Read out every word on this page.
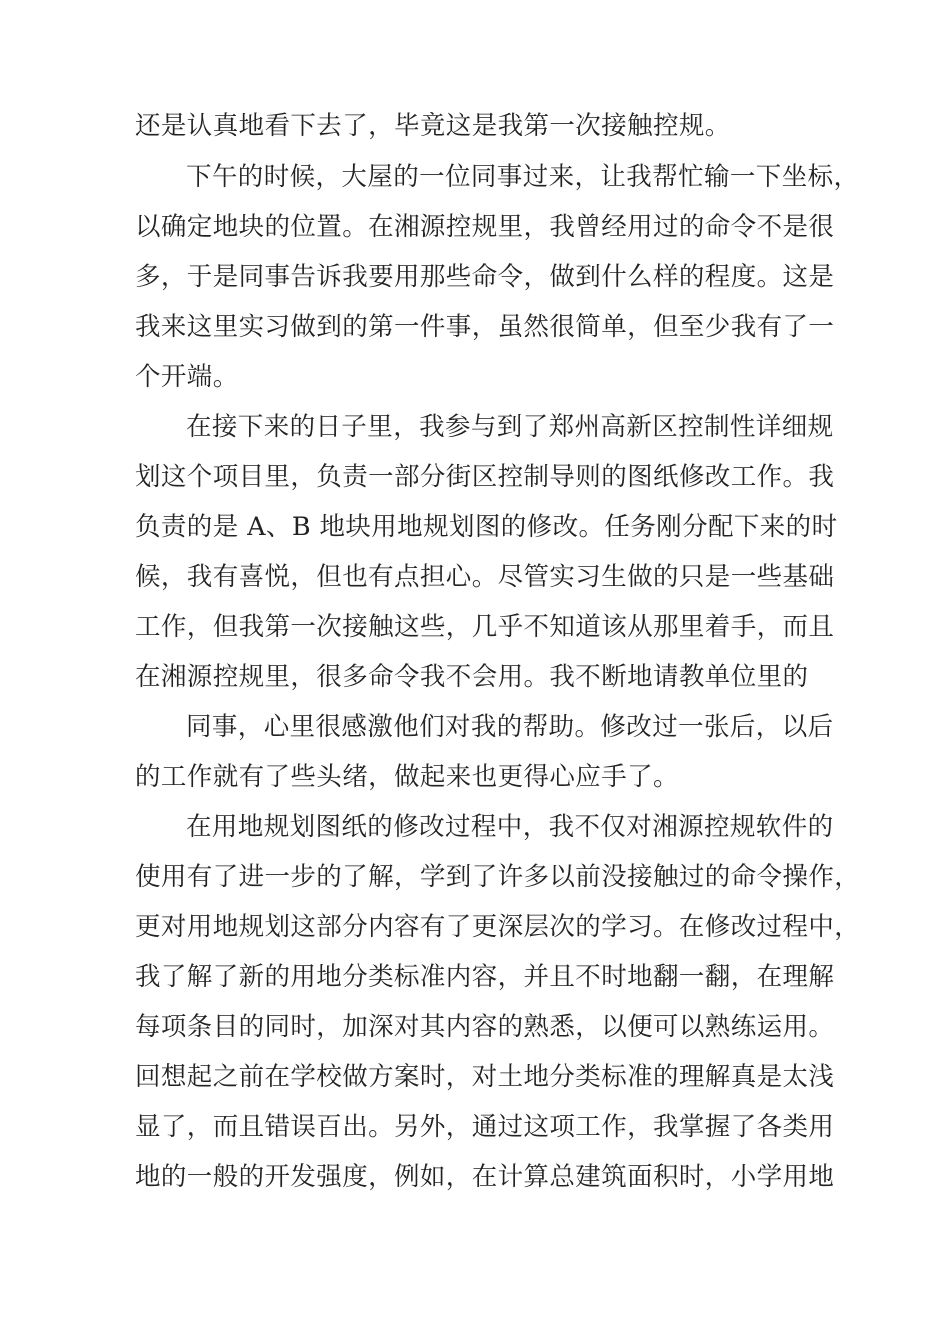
还是认真地看下去了，毕竟这是我第一次接触控规。
下午的时候，大屋的一位同事过来，让我帮忙输一下坐标，
以确定地块的位置。在湘源控规里，我曾经用过的命令不是很
多，于是同事告诉我要用那些命令，做到什么样的程度。这是
我来这里实习做到的第一件事，虽然很简单，但至少我有了一
个开端。
在接下来的日子里，我参与到了郑州高新区控制性详细规
划这个项目里，负责一部分街区控制导则的图纸修改工作。我
负责的是 A、B 地块用地规划图的修改。任务刚分配下来的时
候，我有喜悦，但也有点担心。尽管实习生做的只是一些基础
工作，但我第一次接触这些，几乎不知道该从那里着手，而且
在湘源控规里，很多命令我不会用。我不断地请教单位里的
同事，心里很感激他们对我的帮助。修改过一张后，以后
的工作就有了些头绪，做起来也更得心应手了。
在用地规划图纸的修改过程中，我不仅对湘源控规软件的
使用有了进一步的了解，学到了许多以前没接触过的命令操作，
更对用地规划这部分内容有了更深层次的学习。在修改过程中，
我了解了新的用地分类标准内容，并且不时地翻一翻，在理解
每项条目的同时，加深对其内容的熟悉，以便可以熟练运用。
回想起之前在学校做方案时，对土地分类标准的理解真是太浅
显了，而且错误百出。另外，通过这项工作，我掌握了各类用
地的一般的开发强度，例如，在计算总建筑面积时，小学用地
